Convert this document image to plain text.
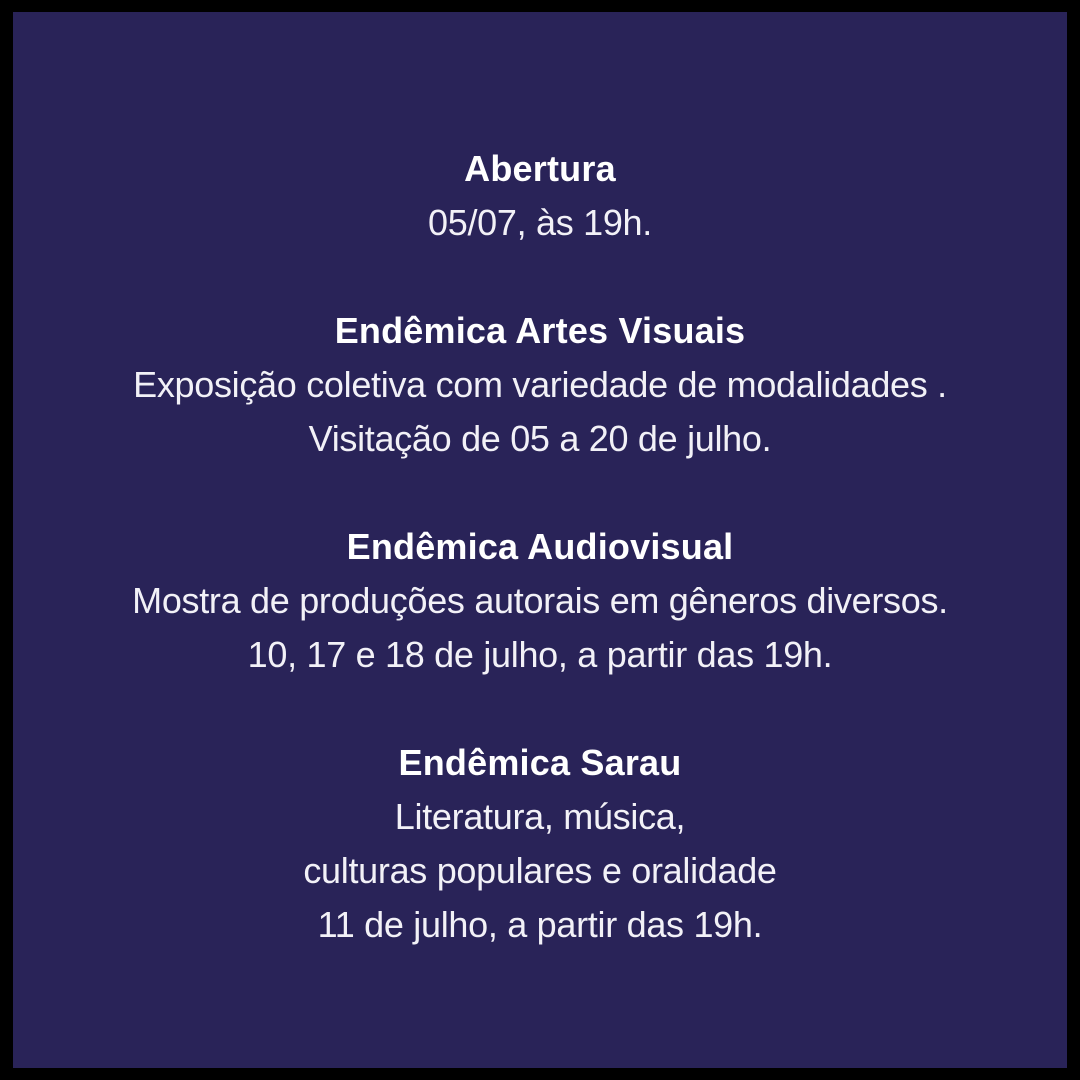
Abertura

05/07, às 19h.

Endêmica Artes Visuais

Exposição coletiva com variedade de modalidades .

Visitação de 05 a 20 de julho.

Endêmica Audiovisual

Mostra de produções autorais em gêneros diversos.

10, 17 e 18 de julho, a partir das 19h.

Endêmica Sarau

Literatura, música,

culturas populares e oralidade

11 de julho, a partir das 19h.
